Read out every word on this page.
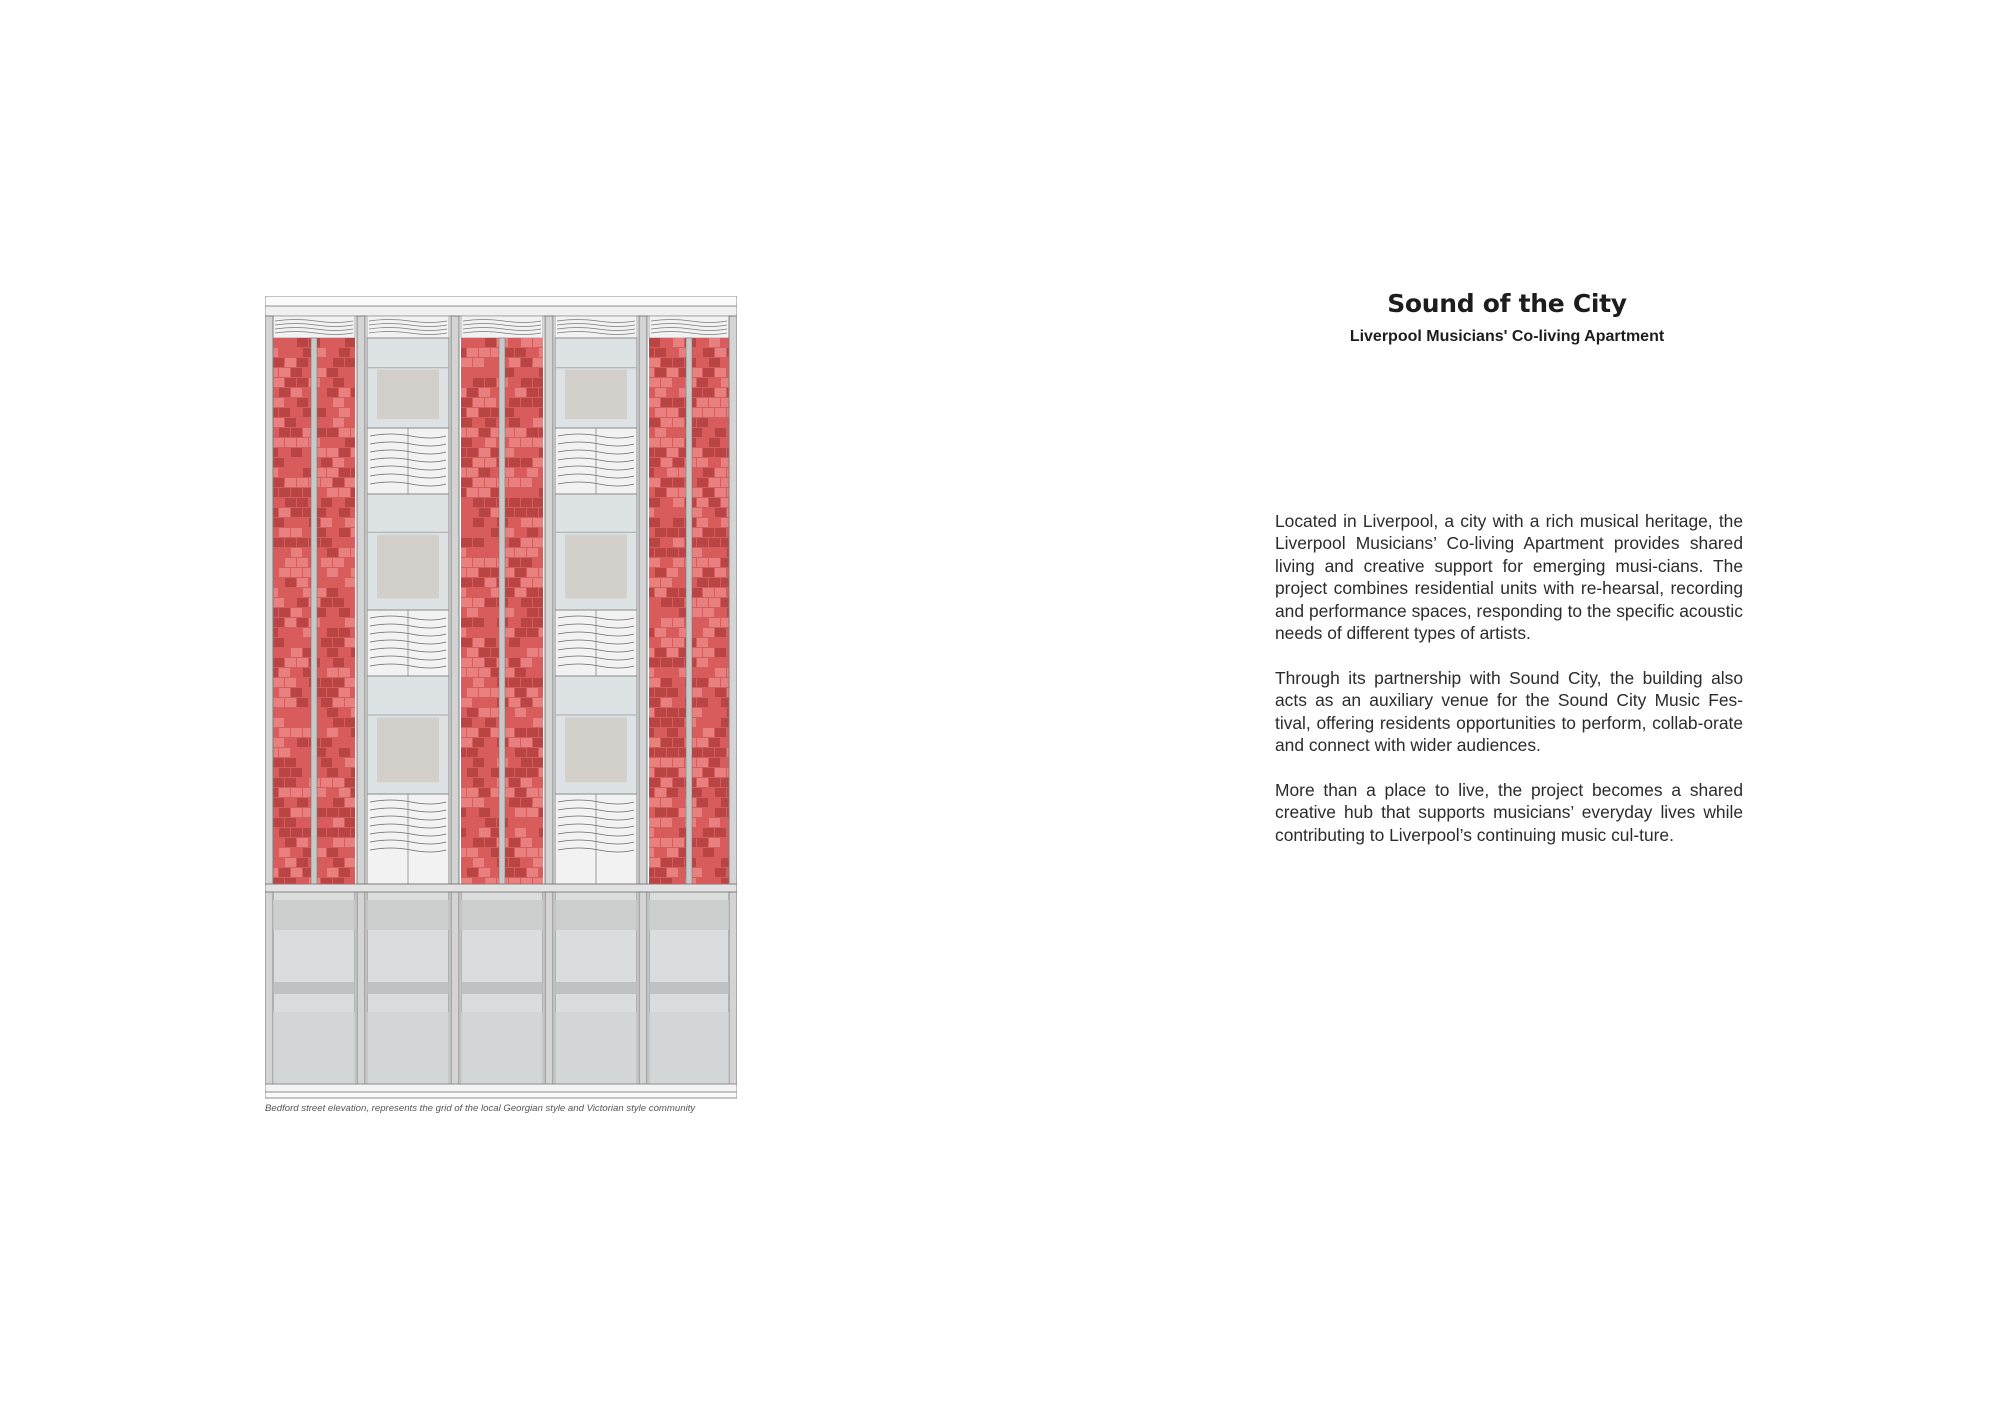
Bedford street elevation, represents the grid of the local Georgian style and Victorian style community
Sound of the City
Liverpool Musicians' Co-living Apartment

Located in Liverpool, a city with a rich musical heritage, the Liverpool Musicians’ Co-living Apartment provides shared living and creative support for emerging musi-cians. The project combines residential units with re-hearsal, recording and performance spaces, responding to the specific acoustic needs of different types of artists.

Through its partnership with Sound City, the building also acts as an auxiliary venue for the Sound City Music Fes-tival, offering residents opportunities to perform, collab-orate and connect with wider audiences.

More than a place to live, the project becomes a shared creative hub that supports musicians’ everyday lives while contributing to Liverpool’s continuing music cul-ture.
